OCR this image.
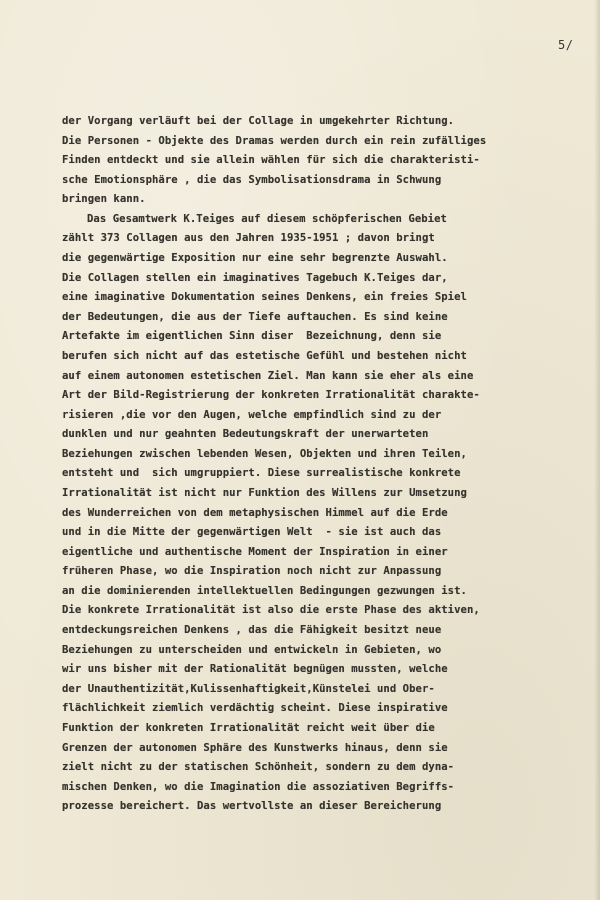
5/
der Vorgang verläuft bei der Collage in umgekehrter Richtung.
Die Personen - Objekte des Dramas werden durch ein rein zufälliges
Finden entdeckt und sie allein wählen für sich die charakteristi-
sche Emotionsphäre , die das Symbolisationsdrama in Schwung
bringen kann.
Das Gesamtwerk K.Teiges auf diesem schöpferischen Gebiet
zählt 373 Collagen aus den Jahren 1935-1951 ; davon bringt
die gegenwärtige Exposition nur eine sehr begrenzte Auswahl.
Die Collagen stellen ein imaginatives Tagebuch K.Teiges dar,
eine imaginative Dokumentation seines Denkens, ein freies Spiel
der Bedeutungen, die aus der Tiefe auftauchen. Es sind keine
Artefakte im eigentlichen Sinn diser  Bezeichnung, denn sie
berufen sich nicht auf das estetische Gefühl und bestehen nicht
auf einem autonomen estetischen Ziel. Man kann sie eher als eine
Art der Bild-Registrierung der konkreten Irrationalität charakte-
risieren ,die vor den Augen, welche empfindlich sind zu der
dunklen und nur geahnten Bedeutungskraft der unerwarteten
Beziehungen zwischen lebenden Wesen, Objekten und ihren Teilen,
entsteht und  sich umgruppiert. Diese surrealistische konkrete
Irrationalität ist nicht nur Funktion des Willens zur Umsetzung
des Wunderreichen von dem metaphysischen Himmel auf die Erde
und in die Mitte der gegenwärtigen Welt  - sie ist auch das
eigentliche und authentische Moment der Inspiration in einer
früheren Phase, wo die Inspiration noch nicht zur Anpassung
an die dominierenden intellektuellen Bedingungen gezwungen ist.
Die konkrete Irrationalität ist also die erste Phase des aktiven,
entdeckungsreichen Denkens , das die Fähigkeit besitzt neue
Beziehungen zu unterscheiden und entwickeln in Gebieten, wo
wir uns bisher mit der Rationalität begnügen mussten, welche
der Unauthentizität,Kulissenhaftigkeit,Künstelei und Ober-
flächlichkeit ziemlich verdächtig scheint. Diese inspirative
Funktion der konkreten Irrationalität reicht weit über die
Grenzen der autonomen Sphäre des Kunstwerks hinaus, denn sie
zielt nicht zu der statischen Schönheit, sondern zu dem dyna-
mischen Denken, wo die Imagination die assoziativen Begriffs-
prozesse bereichert. Das wertvollste an dieser Bereicherung
